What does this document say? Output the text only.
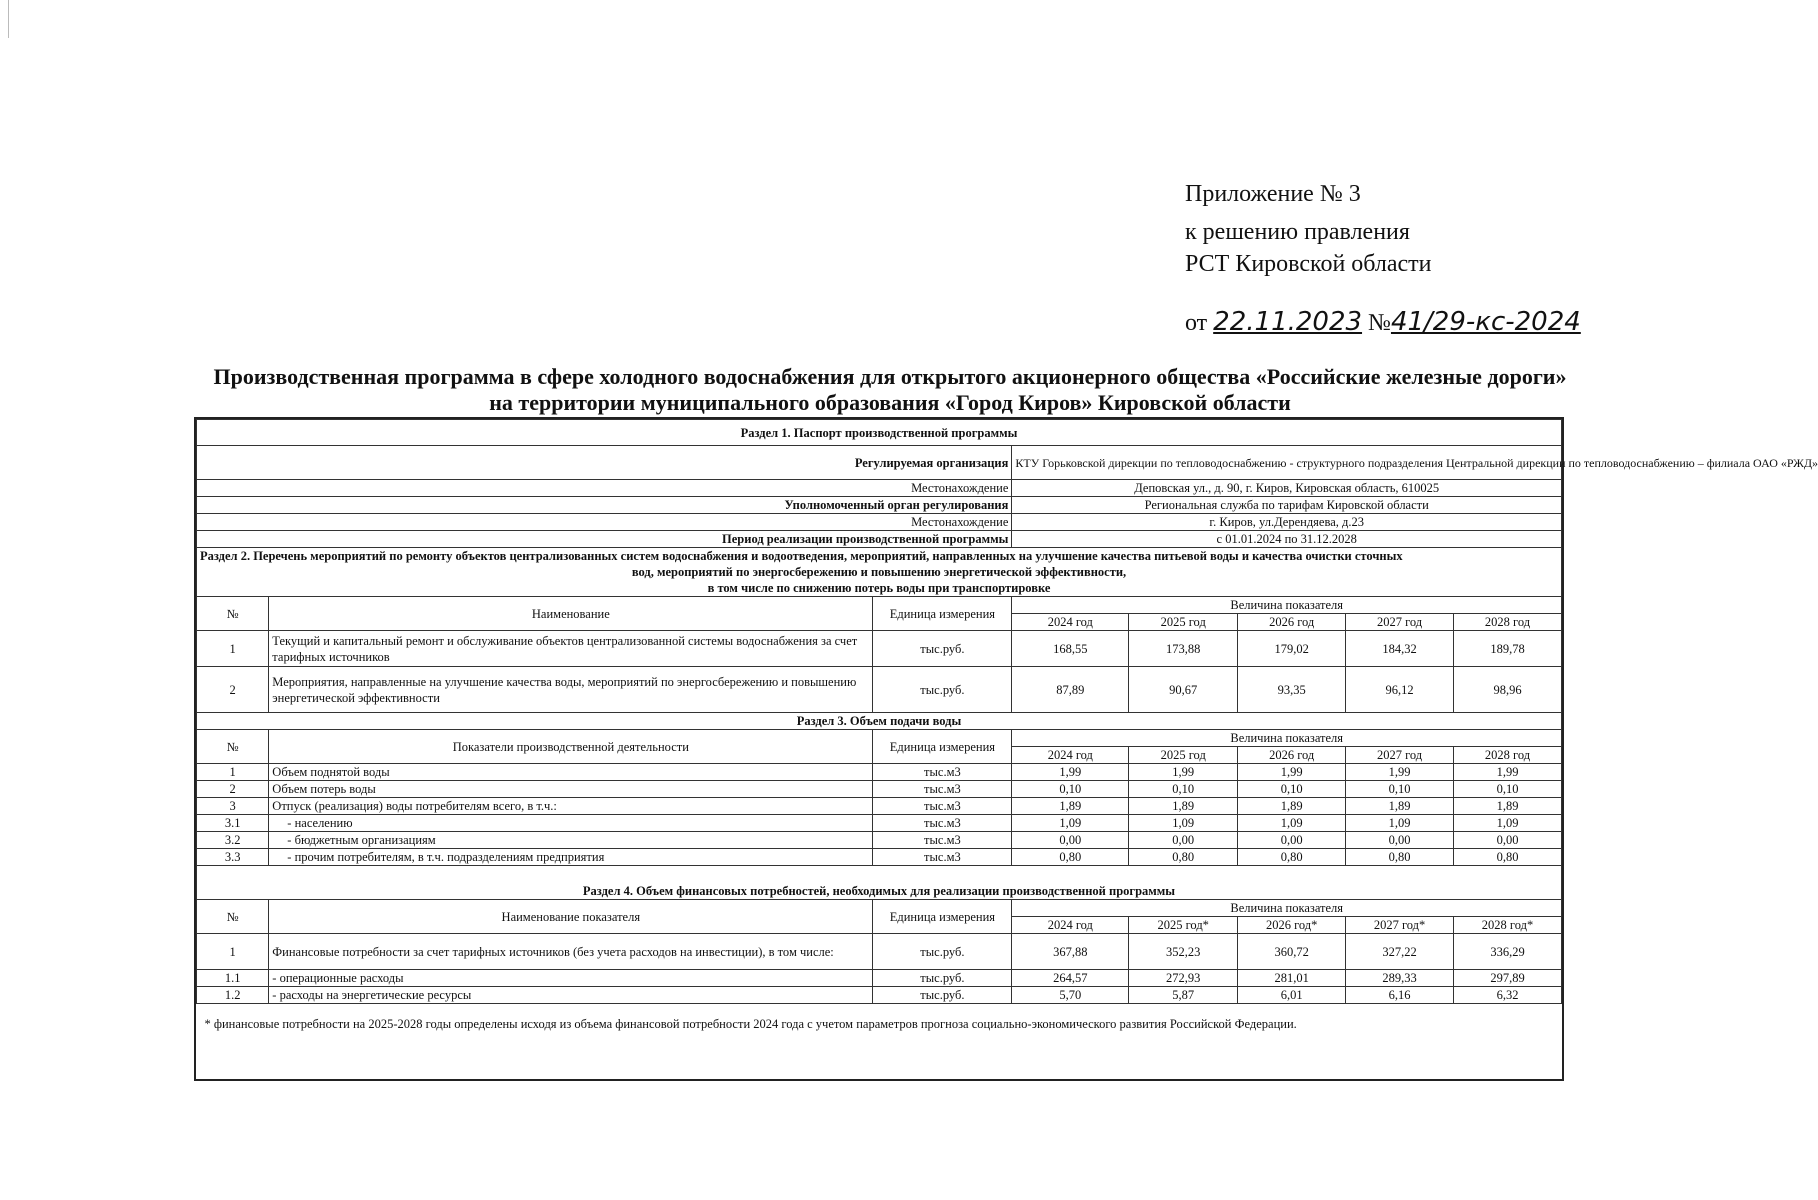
Приложение № 3
к решению правления
РСТ Кировской области
от 22.11.2023 №41/29-кс-2024
Производственная программа в сфере холодного водоснабжения для открытого акционерного общества «Российские железные дороги»
на территории муниципального образования «Город Киров» Кировской области
Раздел 1. Паспорт производственной программы							
Регулируемая организация			КТУ Горьковской дирекции по тепловодоснабжению - структурного подразделения Центральной дирекции по тепловодоснабжению – филиала ОАО «РЖД»				
Местонахождение			Деповская ул., д. 90, г. Киров, Кировская область, 610025				
Уполномоченный орган регулирования			Региональная служба по тарифам Кировской области				
Местонахождение			г. Киров, ул.Дерендяева, д.23				
Период реализации производственной программы			с 01.01.2024 по 31.12.2028				

Раздел 2. Перечень мероприятий по ремонту объектов централизованных систем водоснабжения и водоотведения, мероприятий, направленных на улучшение качества питьевой воды и качества очистки сточных
вод, мероприятий по энергосбережению и повышению энергетической эффективности,
в том числе по снижению потерь воды при транспортировке							

№	Наименование	Единица измерения	Величина показателя				
			2024 год	2025 год	2026 год	2027 год	2028 год
1	Текущий и капитальный ремонт и обслуживание объектов централизованной системы водоснабжения за счет тарифных источников	тыс.руб.	168,55	173,88	179,02	184,32	189,78
2	Мероприятия, направленные на улучшение качества воды, мероприятий по энергосбережению и повышению энергетической эффективности	тыс.руб.	87,89	90,67	93,35	96,12	98,96
Раздел 3. Объем подачи воды							
№	Показатели производственной деятельности	Единица измерения	Величина показателя				
			2024 год	2025 год	2026 год	2027 год	2028 год
1	Объем поднятой воды	тыс.м3	1,99	1,99	1,99	1,99	1,99
2	Объем потерь воды	тыс.м3	0,10	0,10	0,10	0,10	0,10
3	Отпуск (реализация) воды потребителям всего, в т.ч.:	тыс.м3	1,89	1,89	1,89	1,89	1,89
3.1	- населению	тыс.м3	1,09	1,09	1,09	1,09	1,09
3.2	- бюджетным организациям	тыс.м3	0,00	0,00	0,00	0,00	0,00
3.3	- прочим потребителям, в т.ч. подразделениям предприятия	тыс.м3	0,80	0,80	0,80	0,80	0,80
Раздел 4. Объем финансовых потребностей, необходимых для реализации производственной программы							
№	Наименование показателя	Единица измерения	Величина показателя				
			2024 год	2025 год*	2026 год*	2027 год*	2028 год*
1	Финансовые потребности за счет тарифных источников (без учета расходов на инвестиции), в том числе:	тыс.руб.	367,88	352,23	360,72	327,22	336,29
1.1	- операционные расходы	тыс.руб.	264,57	272,93	281,01	289,33	297,89
1.2	- расходы на энергетические ресурсы	тыс.руб.	5,70	5,87	6,01	6,16	6,32
* финансовые потребности на 2025-2028 годы определены исходя из объема финансовой потребности 2024 года с учетом параметров прогноза социально-экономического развития Российской Федерации.							
